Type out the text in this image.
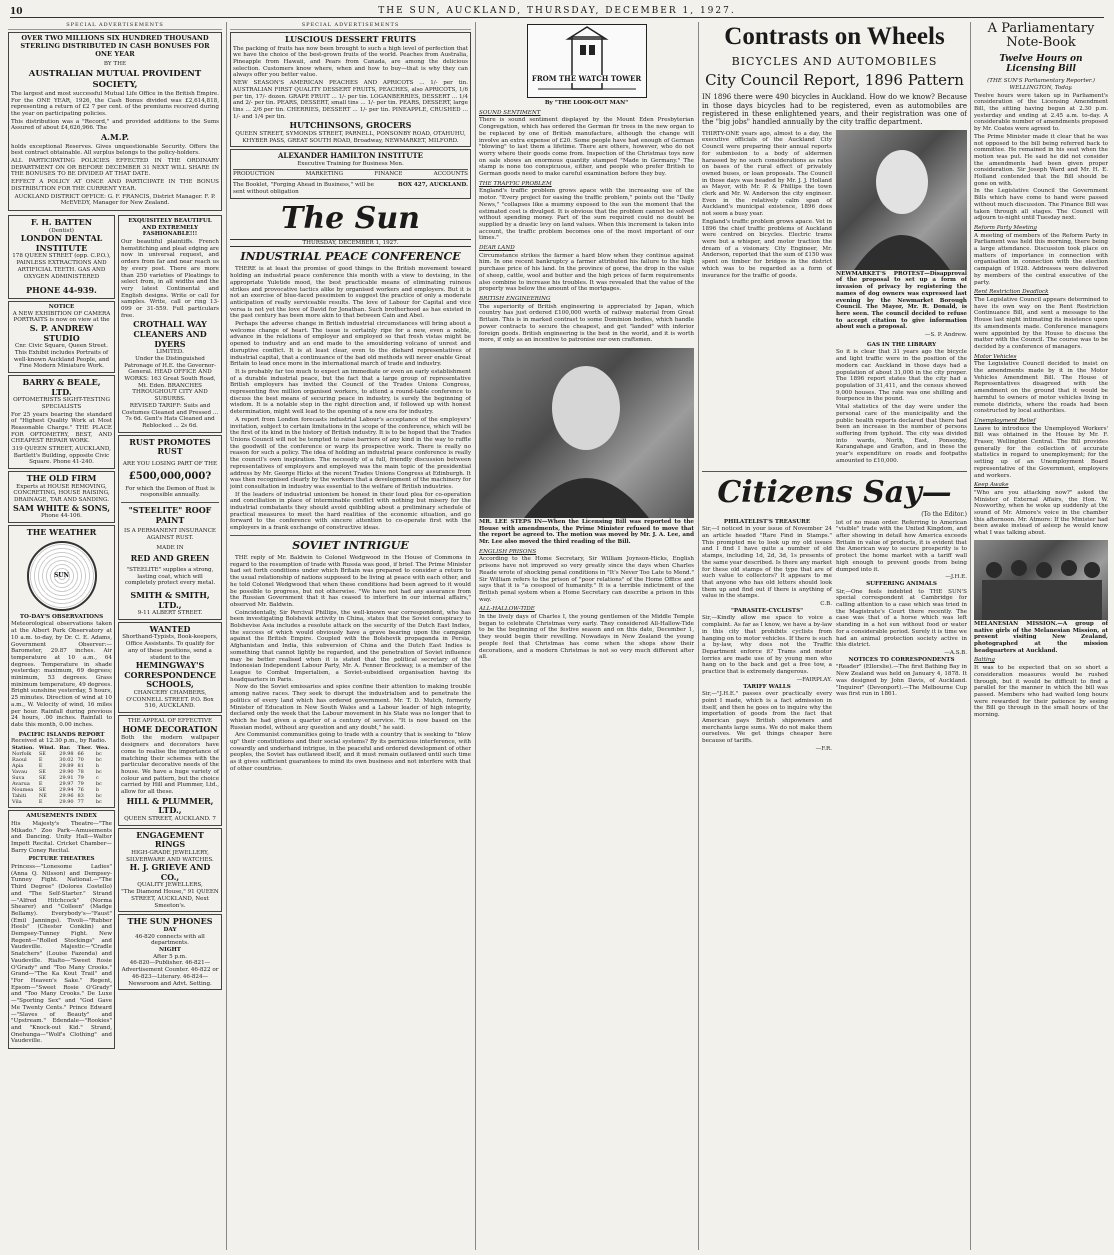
10	THE SUN, AUCKLAND, THURSDAY, DECEMBER 1, 1927.
SPECIAL ADVERTISEMENTS
OVER TWO MILLIONS SIX HUNDRED THOUSAND STERLING DISTRIBUTED IN CASH BONUSES FOR ONE YEAR
BY THE
AUSTRALIAN MUTUAL PROVIDENT SOCIETY,

The largest and most successful Mutual Life Office in the British Empire. For the ONE YEAR, 1926, the Cash Bonus divided was £2,614,818, representing a return of £2 7 per cent. of the premiums received during the year on participating policies.

This distribution was a "Record," and provided additions to the Sums Assured of about £4,626,966. The

A.M.P.

holds exceptional Reserves. Gives unquestionable Security. Offers the best contract obtainable. All surplus belongs to the policy-holders.

ALL PARTICIPATING POLICIES EFFECTED IN THE ORDINARY DEPARTMENT ON OR BEFORE DECEMBER 31 NEXT WILL SHARE IN THE BONUSES TO BE DIVIDED AT THAT DATE.

EFFECT A POLICY AT ONCE AND PARTICIPATE IN THE BONUS DISTRIBUTION FOR THE CURRENT YEAR.

AUCKLAND DISTRICT OFFICE: G. F. FRANCIS, District Manager. F. P. McEVEDY, Manager for New Zealand.

F. H. BATTEN
(Dentist)
LONDON DENTAL INSTITUTE
178 QUEEN STREET (opp. C.P.O.), PAINLESS EXTRACTIONS AND ARTIFICIAL TEETH. GAS AND OXYGEN ADMINISTERED
PHONE 44-939.
NOTICE
A NEW EXHIBITION OF CAMERA PORTRAITS is now on view at the
S. P. ANDREW STUDIO
Cnr. Civic Square, Queen Street. This Exhibit includes Portraits of well-known Auckland People, and Fine Modern Miniature Work.
BARRY & BEALE, LTD.
OPTOMETRISTS SIGHT-TESTING SPECIALISTS

For 25 years bearing the standard of "Highest Quality Work at Most Reasonable Charge." THE PLACE FOR OPTOMETRY, BEST, AND CHEAPEST REPAIR WORK.

319 QUEEN STREET, AUCKLAND, Bartlett's Building, opposite Civic Square. Phone 41-240.
THE OLD FIRM
Experts at HOUSE REMOVING, CONCRETING, HOUSE RAISING, DRAINAGE, TAR AND SANDING.
SAM WHITE & SONS,
Phone 44-106.
THE WEATHER
SUN
TO-DAY'S OBSERVATIONS

Meteorological observations taken at the Albert Park Observatory at 10 a.m. to-day, by Dr. C. E. Adams, Government Observer:— Barometer, 29.87 inches. Air temperature at 10 a.m., 64 degrees. Temperature in shade yesterday: maximum, 69 degrees; minimum, 53 degrees. Grass minimum temperature, 49 degrees. Bright sunshine yesterday, 5 hours, 25 minutes. Direction of wind at 10 a.m., W. Velocity of wind, 16 miles per hour. Rainfall during previous 24 hours, .00 inches. Rainfall to date this month, 0.00 inches.

PACIFIC ISLANDS REPORT
Received at 12.30 p.m., by Radio.
Station.	Wind.	Bar.	Ther.	Wea.
Norfolk	SE	29.98	66	bc
Raoul	E	30.02	70	bc
Apia	E	29.89	81	b
Vavau	SE	29.90	78	bc
Suva	SE	29.91	79	c
Avarua	E	29.97	79	bc
Noumea	SE	29.94	76	b
Tahiti	NE	29.96	83	bc
Vila	E	29.90	77	bc
AMUSEMENTS INDEX

His Majesty's Theatre—"The Mikado." Zoo Park—Amusements and Dancing. Unity Hall—Walter Impett Recital. Cricket Chamber—Barry Coney Recital.

PICTURE THEATRES

Princess—"Lonesome Ladies" (Anna Q. Nilsson) and Dempsey-Tunney Fight. National.—"The Third Degree" (Dolores Costello) and "The Self-Starter." Strand—"Alfred Hitchcock" (Norma Shearer) and "Colleen" (Madge Bellamy). Everybody's—"Faust" (Emil Jannings). Tivoli—"Rubber Heels" (Chester Conklin) and Dempsey-Tunney Fight. New Regent—"Rolled Stockings" and Vaudeville. Majestic—"Cradle Snatchers" (Louise Fazenda) and Vaudeville. Rialto—"Sweet Rosie O'Grady" and "Too Many Crooks." Grand—"The Ka Kout Trail" and "For Heaven's Sake." Regent, Epsom—"Sweet Rosie O'Grady" and "Too Many Crooks." De Luxe—"Sporting Sex" and "God Gave Me Twenty Cents." Prince Edward—"Slaves of Beauty" and "Upstream." Edendale—"Rookies" and "Knock-out Kid." Strand, Onehunga—"Wolf's Clothing" and Vaudeville.

EXQUISITELY BEAUTIFUL AND EXTREMELY FASHIONABLE!!!

Our beautiful plaintiffs. French hemstitching and pleat edging are now in universal request, and orders from far and near reach us by every post. There are more than 250 varieties of Pleatings to select from, in all widths and the very latest Continental and English designs. Write or call for samples. Write, call or ring 13-099 or 31-559. Full particulars free.

CROTHALL WAY CLEANERS AND DYERS
LIMITED.
Under the Distinguished Patronage of H.E. the Governor-General. HEAD OFFICE AND WORKS: 163 Great South Road, Mt. Eden. BRANCHES THROUGHOUT CITY AND SUBURBS.
REVISED TARIFF: Suits and Costumes Cleaned and Pressed ... 7s 6d. Gent's Hats Cleaned and Reblocked ... 2s 6d.
RUST PROMOTES RUST
ARE YOU LOSING PART OF THE
£500,000,000?
For which the Demon of Rust is responsible annually.
"STEELITE" ROOF PAINT
IS A PERMANENT INSURANCE AGAINST RUST.
MADE IN
RED AND GREEN
"STEELITE" supplies a strong, lasting coat, which will completely protect every metal.
SMITH & SMITH, LTD.,
9-11 ALBERT STREET.
WANTED
Shorthand-Typists, Book-keepers, Office Assistants. To qualify for any of these positions, send a student to the
HEMINGWAY'S CORRESPONDENCE SCHOOLS,
CHANCERY CHAMBERS, O'CONNELL STREET. P.O. Box 516, AUCKLAND.
THE APPEAL OF EFFECTIVE
HOME DECORATION

Both the modern wallpaper designers and decorators have come to realise the importance of matching their schemes with the particular decorative needs of the house. We have a huge variety of colour and pattern, but the choice carried by Hill and Plummer, Ltd., allow for all these.

HILL & PLUMMER, LTD.,
QUEEN STREET, AUCKLAND. 7
ENGAGEMENT RINGS
HIGH-GRADE JEWELLERY, SILVERWARE AND WATCHES.
H. J. GRIEVE AND CO.,
QUALITY JEWELLERS,
"The Diamond House," 91 QUEEN STREET, AUCKLAND, Next Smeeton's.
THE SUN PHONES
DAY
46-820 connects with all departments.
NIGHT
After 5 p.m.
46-820—Publisher. 46-821—Advertisement Counter. 46-822 or 46-823—Literary. 46-824—Newsroom and Advt. Setting.
SPECIAL ADVERTISEMENTS
LUSCIOUS DESSERT FRUITS

The packing of fruits has now been brought to such a high level of perfection that we have the choice of the best-grown fruits of the world. Peaches from Australia, Pineapple from Hawaii, and Pears from Canada, are among the delicious selection. Customers know where, when and how to buy—that is why they can always offer you better value.

NEW SEASON'S AMERICAN PEACHES AND APRICOTS ... 1/- per tin. AUSTRALIAN FIRST QUALITY DESSERT FRUITS, PEACHES, also APRICOTS, 1/6 per tin, 17/- dozen. GRAPE FRUIT ... 1/- per tin. LOGANBERRIES, DESSERT ... 1/4 and 2/- per tin. PEARS, DESSERT, small tins ... 1/- per tin. PEARS, DESSERT, large tins ... 2/6 per tin. CHERRIES, DESSERT ... 1/- per tin. PINEAPPLE, CRUSHED ... 1/- and 1/4 per tin.

HUTCHINSONS, GROCERS
QUEEN STREET, SYMONDS STREET, PARNELL, PONSONBY ROAD, OTAHUHU, KHYBER PASS, GREAT SOUTH ROAD, Broadway, NEWMARKET, MILFORD.
ALEXANDER HAMILTON INSTITUTE
Executive Training for Business Men.
PRODUCTION	MARKETING	FINANCE	ACCOUNTS
The Booklet, "Forging Ahead in Business," will be sent without obligation
BOX 427, AUCKLAND.
The Sun
THURSDAY, DECEMBER 1, 1927.
INDUSTRIAL PEACE CONFERENCE

THERE is at least the promise of good things in the British movement toward holding an industrial peace conference this month with a view to devising, in the appropriate Yuletide mood, the best practicable means of eliminating ruinous strikes and provocative tactics alike by organised workers and employers. But it is not an exercise of blue-faced pessimism to suggest the practice of only a moderate anticipation of really serviceable results. The love of Labour for Capital and vice versa is not yet the love of David for Jonathan. Such brotherhood as has existed in the past century has been more akin to that between Cain and Abel.

Perhaps the adverse change in British industrial circumstances will bring about a welcome change of heart. The issue is certainly ripe for a new, even a noble, advance in the relations of employer and employed so that fresh vistas might be opened to industry and an end made to the smouldering volcano of unrest and disruptive conflict. It is at least clear, even to the diehard representatives of industrial capital, that a continuance of the bad old methods will never enable Great Britain to lead once more in the international march of trade and industry.

It is probably far too much to expect an immediate or even an early establishment of a durable industrial peace, but the fact that a large group of representative British employers has invited the Council of the Trades Unions Congress, representing five million organised workers, to attend a round-table conference to discuss the best means of securing peace in industry, is surely the beginning of wisdom. It is a notable step in the right direction and, if followed up with honest determination, might well lead to the opening of a new era for industry.

A report from London forecasts industrial Labour's acceptance of the employers' invitation, subject to certain limitations in the scope of the conference, which will be the first of its kind in the history of British industry. It is to be hoped that the Trades Unions Council will not be tempted to raise barriers of any kind in the way to ruffle the goodwill of the conference or warp its prospective work. There is really no reason for such a policy. The idea of holding an industrial peace conference is really the council's own inspiration. The necessity of a full, friendly discussion between representatives of employers and employed was the main topic of the presidential address by Mr. George Hicks at the recent Trades Unions Congress at Edinburgh. It was then recognised clearly by the workers that a development of the machinery for joint consultation in industry was essential to the welfare of British industries.

If the leaders of industrial unionism be honest in their loud plea for co-operation and conciliation in place of interminable conflict with nothing but misery for the industrial combatants they should avoid quibbling about a preliminary schedule of practical measures to meet the hard realities of the economic situation, and go forward to the conference with sincere attention to co-operate first with the employers in a frank exchange of constructive ideas.

SOVIET INTRIGUE

THE reply of Mr. Baldwin to Colonel Wedgwood in the House of Commons in regard to the resumption of trade with Russia was good, if brief. The Prime Minister had set forth conditions under which Britain was prepared to consider a return to the usual relationship of nations supposed to be living at peace with each other, and he told Colonel Wedgwood that when these conditions had been agreed to it would be possible to progress, but not otherwise. "We have not had any assurance from the Russian Government that it has ceased to interfere in our internal affairs," observed Mr. Baldwin.

Coincidentally, Sir Percival Phillips, the well-known war correspondent, who has been investigating Bolshevik activity in China, states that the Soviet conspiracy to Bolshevise Asia includes a resolute attack on the security of the Dutch East Indies, the success of which would obviously have a grave bearing upon the campaign against the British Empire. Coupled with the Bolshevik propaganda in Persia, Afghanistan and India, this subversion of China and the Dutch East Indies is something that cannot lightly be regarded, and the penetration of Soviet influence may be better realised when it is stated that the political secretary of the Indonesian Independent Labour Party, Mr. A. Fenner Brockway, is a member of the League to Combat Imperialism, a Soviet-subsidised organisation having its headquarters in Paris.

Now do the Soviet emissaries and spies confine their attention to making trouble among native races. They seek to disrupt the industrialism and to penetrate the politics of every land which has ordered government. Mr. T. D. Mutch, formerly Minister of Education in New South Wales and a Labour leader of high integrity, declared only the week that the Labour movement in his State was no longer that to which he had given a quarter of a century of service. "It is now based on the Russian model, without any question and any doubt," he said.

Are Communist communities going to trade with a country that is seeking to "blow up" their constitutions and their social systems? By its pernicious interference, with cowardly and underhand intrigue, in the peaceful and ordered development of other peoples, the Soviet has outlawed itself, and it must remain outlawed until such time as it gives sufficient guarantees to mind its own business and not interfere with that of other countries.

FROM THE WATCH TOWER
By "THE LOOK-OUT MAN"
SOUND SENTIMENT

There is sound sentiment displayed by the Mount Eden Presbyterian Congregation, which has ordered the German fir trees in the new organ to be replaced by one of British manufacture, although the change will involve an extra expense of £20. Some people have had enough of German "blowing" to last them a lifetime. There are others, however, who do not worry where their goods come from. Inspection of the Christmas toys now on sale shows an enormous quantity stamped "Made in Germany." The stamp is none too conspicuous, either, and people who prefer British to German goods need to make careful examination before they buy.

THE TRAFFIC PROBLEM

England's traffic problem grows apace with the increasing use of the motor. "Every project for easing the traffic problem," points out the "Daily News," "collapses like a mummy exposed to the sun the moment that the estimated cost is divulged. It is obvious that the problem cannot be solved without spending money. Part of the sum required could no doubt be supplied by a drastic levy on land values. When this increment is taken into account, the traffic problem becomes one of the most important of our times."

DEAR LAND

Circumstance strikes the farmer a hard blow when they continue against him. In one recent bankruptcy a farmer attributed his failure to the high purchase price of his land. In the province of gorse, the drop in the value of sheep, cattle, wool and butter and the high prices of farm requirements also combine to increase his troubles. It was revealed that the value of the property was below the amount of the mortgages.

BRITISH ENGINEERING

The superiority of British engineering is appreciated by Japan, which country has just ordered £100,000 worth of railway material from Great Britain. This is in marked contrast to some Dominion bodies, which handle power contracts to secure the cheapest, and get "landed" with inferior foreign goods. British engineering is the best in the world, and it is worth more, if only as an incentive to patronise our own craftsmen.

MR. LEE STEPS IN—When the Licensing Bill was reported to the House with amendments, the Prime Minister refused to move that the report be agreed to. The motion was moved by Mr. J. A. Lee, and Mr. Lee also moved the third reading of the Bill.

ENGLISH PRISONS

According to the Home Secretary, Sir William Joynson-Hicks, English prisons have not improved so very greatly since the days when Charles Reade wrote of shocking penal conditions in "It's Never Too Late to Mend." Sir William refers to the prison of "poor relations" of the Home Office and says that it is "a cesspool of humanity." It is a terrible indictment of the British penal system when a Home Secretary can describe a prison in this way.

ALL-HALLOW-TIDE

In the lively days of Charles I, the young gentlemen of the Middle Temple began to celebrate Christmas very early. They considered All-Hallow-Tide to be the beginning of the festive season and on this date, December 1, they would begin their revelling. Nowadays in New Zealand the young people feel that Christmas has come when the shops show their decorations, and a modern Christmas is not so very much different after all.

Contrasts on Wheels
BICYCLES AND AUTOMOBILES
City Council Report, 1896 Pattern

IN 1896 there were 490 bicycles in Auckland. How do we know? Because in those days bicycles had to be registered, even as automobiles are registered in these enlightened years, and their registration was one of the "big jobs" handled annually by the city traffic department.

THIRTY-ONE years ago, almost to a day, the executive officials of the Auckland City Council were preparing their annual reports for submission to a body of aldermen harassed by no such considerations as rates on bases of the rural effect of privately owned buses, or loan proposals. The Council in those days was headed by Mr. J. J. Holland as Mayor, with Mr. P. & Phillips the town clerk and Mr. W. Anderson the city engineer. Even in the relatively calm span of Auckland's municipal existence, 1896 does not seem a busy year.

England's traffic problem grows apace. Vet in 1896 the chief traffic problems of Auckland were centred on bicycles. Electric trams were but a whisper, and motor traction the dream of a visionary. City Engineer, Mr. Anderson, reported that the sum of £150 was spent on timber for bridges in the district which was to be regarded as a form of insurance for the traffic of goods.	NEWMARKET'S PROTEST—Disapproval of the proposal to set up a form of invasion of privacy by registering the names of dog owners was expressed last evening by the Newmarket Borough Council. The Mayor, Mr. R. Donald, is here seen. The council decided to refuse to accept citation to give information about such a proposal.

—S. P. Andrew.
GAS IN THE LIBRARY

So it is clear that 31 years ago the bicycle and light traffic were in the position of the modern car. Auckland in those days had a population of about 31,000 in the city proper. The 1896 report states that the city had a population of 31,411, and the census showed 9,000 houses. The rate was one shilling and fourpence in the pound.

Vital statistics of the day were under the personal care of the municipality and the public health reports declared that there had been an increase in the number of persons suffering from typhoid. The city was divided into wards, North, East, Ponsonby, Karangahape and Grafton, and in these the year's expenditure on roads and footpaths amounted to £10,000.

Citizens Say—
(To the Editor.)
PHILATELIST'S TREASURE

Sir,—I noticed in your issue of November 24 an article headed "Rare Find in Stamps." This prompted me to look up my old issues and I find I have quite a number of old stamps, including 1d, 2d, 3d, 1s presents of the same year described. Is there any market for these old stamps of the type that are of such value to collectors? It appears to me that anyone who has old letters should look them up and find out if there is anything of value in the stamps.

C.B.
"PARASITE-CYCLISTS"

Sir,—Kindly allow me space to voice a complaint. As far as I know, we have a by-law in this city that prohibits cyclists from hanging on to motor vehicles. If there is such a by-law, why does not the Traffic Department enforce it? Trams and motor lorries are made use of by young men who hang on to the back and get a free tow, a practice that is extremely dangerous.

—FAIRPLAY.
TARIFF WALLS

Sir,—"J.H.E." passes over practically every point I made, which is a fact admission in itself, and then he goes on to inquire why the importation of goods from the fact that American pays British shipowners and merchants large sums. We do not make them ourselves. We get things cheaper here because of tariffs.

—F.R.

lot of no mean order. Referring to American "visible" trade with the United Kingdom, and after showing in detail how America exceeds Britain in value of products, it is evident that the American way to secure prosperity is to protect the home market with a tariff wall high enough to prevent goods from being dumped into it.

—J.H.E.
SUFFERING ANIMALS

Sir,—One feels indebted to THE SUN'S special correspondent at Cambridge for calling attention to a case which was tried in the Magistrate's Court there recently. The case was that of a horse which was left standing in a hot sun without food or water for a considerable period. Surely it is time we had an animal protection society active in this district.

—A.S.B.
NOTICES TO CORRESPONDENTS

"Reader" (Ellerslie).—The first Bathing Bay in New Zealand was held on January 4, 1878. It was designed by John Davis, of Auckland. "Inquirer" (Devonport).—The Melbourne Cup was first run in 1861.

A Parliamentary Note-Book
Twelve Hours on Licensing Bill
(THE SUN'S Parliamentary Reporter.) WELLINGTON, Today.

Twelve hours were taken up in Parliament's consideration of the Licensing Amendment Bill, the sitting having begun at 2.30 p.m. yesterday and ending at 2.45 a.m. to-day. A considerable number of amendments proposed by Mr. Coates were agreed to.

The Prime Minister made it clear that he was not opposed to the bill being referred back to committee. He remained in his seat when the motion was put. He said he did not consider the amendments had been given proper consideration. Sir Joseph Ward and Mr. H. E. Holland contended that the Bill should be gone on with.

In the Legislative Council the Government Bills which have come to hand were passed without much discussion. The Finance Bill was taken through all stages. The Council will adjourn to-night until Tuesday next.

Reform Party Meeting

A meeting of members of the Reform Party in Parliament was held this morning, there being a large attendance. Discussion took place on matters of importance in connection with organisation in connection with the election campaign of 1928. Addresses were delivered by members of the central executive of the party.

Rent Restriction Deadlock

The Legislative Council appears determined to have its own way on the Rent Restriction Continuance Bill, and sent a message to the House last night intimating its insistence upon its amendments made. Conference managers were appointed by the House to discuss the matter with the Council. The course was to be decided by a conference of managers.

Motor Vehicles

The Legislative Council decided to insist on the amendments made by it in the Motor Vehicles Amendment Bill. The House of Representatives disagreed with the amendment on the ground that it would be harmful to owners of motor vehicles living in remote districts, where the roads had been constructed by local authorities.

Unemployment Relief

Leave to introduce the Unemployed Workers' Bill was obtained in the House by Mr. F. Fraser, Wellington Central. The Bill provides generally for the collection of accurate statistics in regard to unemployment; for the setting up of an Unemployment Board representative of the Government, employers and workers.

Keep Awake

"Who are you attacking now?" asked the Minister of External Affairs, the Hon. W. Nosworthy, when he woke up suddenly at the sound of Mr. Atmore's voice in the chamber this afternoon. Mr. Atmore: If the Minister had been awake instead of asleep he would know what I was talking about.

MELANESIAN MISSION.—A group of native girls of the Melanesian Mission, at present visiting New Zealand, photographed at the mission headquarters at Auckland.

Batting

It was to be expected that on so short a consideration measures would be rushed through, but it would be difficult to find a parallel for the manner in which the bill was passed. Members who had waited long hours were rewarded for their patience by seeing the Bill go through in the small hours of the morning.
